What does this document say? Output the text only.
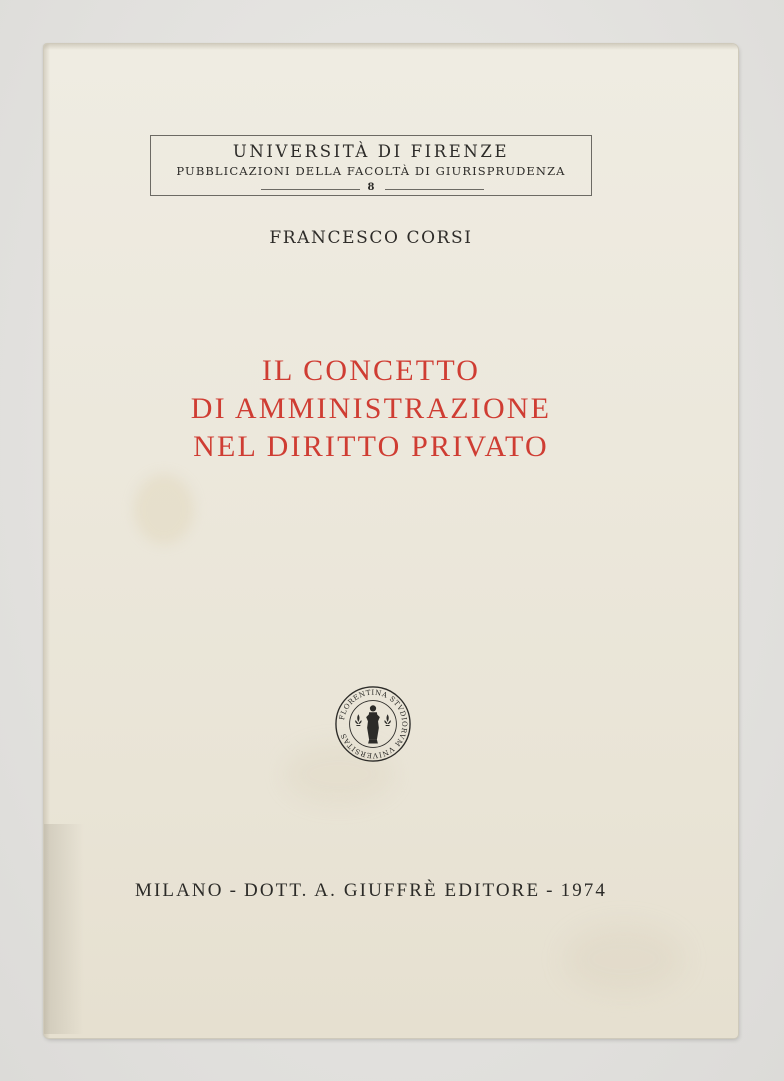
UNIVERSITÀ DI FIRENZE
PUBBLICAZIONI DELLA FACOLTÀ DI GIURISPRUDENZA
8
FRANCESCO CORSI
IL CONCETTO
DI AMMINISTRAZIONE
NEL DIRITTO PRIVATO
FLORENTINA STVDIORVM VNIVERSITAS
MILANO - DOTT. A. GIUFFRÈ EDITORE - 1974
